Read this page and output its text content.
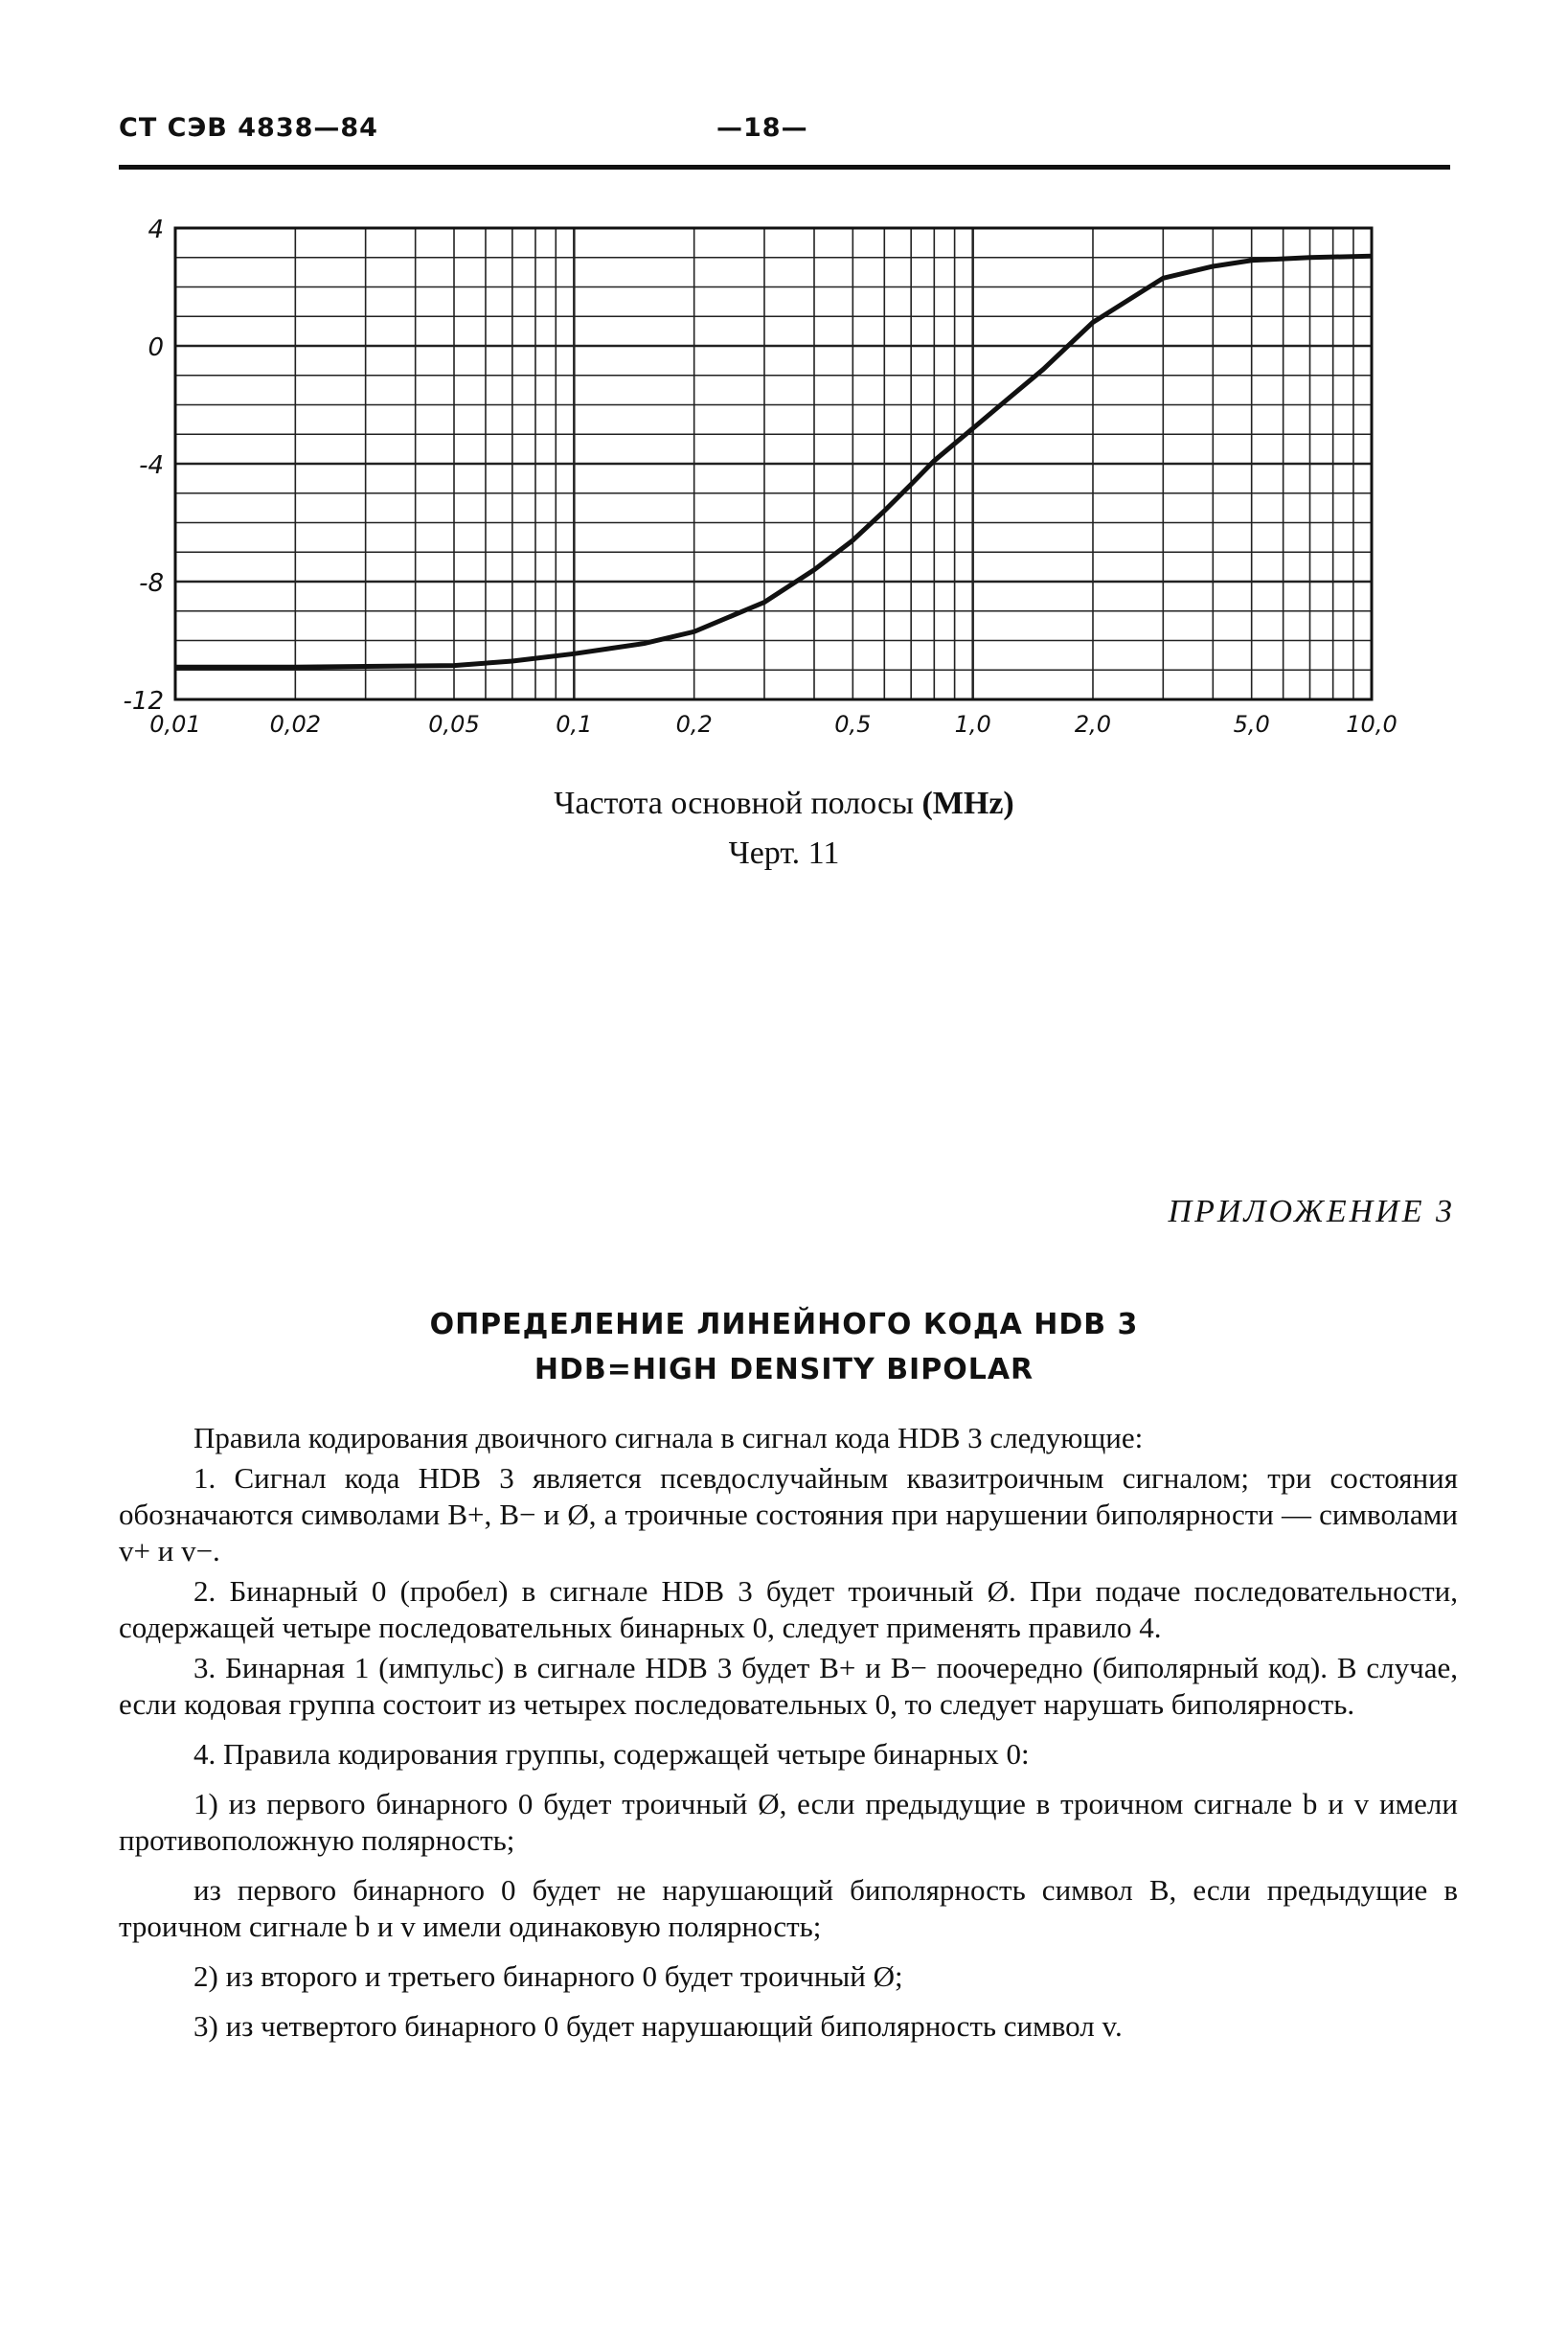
СТ СЭВ 4838—84	—18—
4
0
-4
-8
-12
0,01	0,02	0,05	0,1	0,2	0,5	1,0	2,0	5,0	10,0
Частота основной полосы (MHz)
Черт. 11
ПРИЛОЖЕНИЕ 3
ОПРЕДЕЛЕНИЕ ЛИНЕЙНОГО КОДА HDB 3
HDB=HIGH DENSITY BIPOLAR

Правила кодирования двоичного сигнала в сигнал кода HDB 3 следующие:

1. Сигнал кода HDB 3 является псевдослучайным квазитроичным сигналом; три состояния обозначаются символами B+, B− и Ø, а троичные состояния при нарушении биполярности — символами v+ и v−.

2. Бинарный 0 (пробел) в сигнале HDB 3 будет троичный Ø. При подаче последовательности, содержащей четыре последовательных бинарных 0, следует применять правило 4.

3. Бинарная 1 (импульс) в сигнале HDB 3 будет B+ и B− поочередно (биполярный код). В случае, если кодовая группа состоит из четырех последовательных 0, то следует нарушать биполярность.

4. Правила кодирования группы, содержащей четыре бинарных 0:

1) из первого бинарного 0 будет троичный Ø, если предыдущие в троичном сигнале b и v имели противоположную полярность;

из первого бинарного 0 будет не нарушающий биполярность символ B, если предыдущие в троичном сигнале b и v имели одинаковую полярность;

2) из второго и третьего бинарного 0 будет троичный Ø;

3) из четвертого бинарного 0 будет нарушающий биполярность символ v.
